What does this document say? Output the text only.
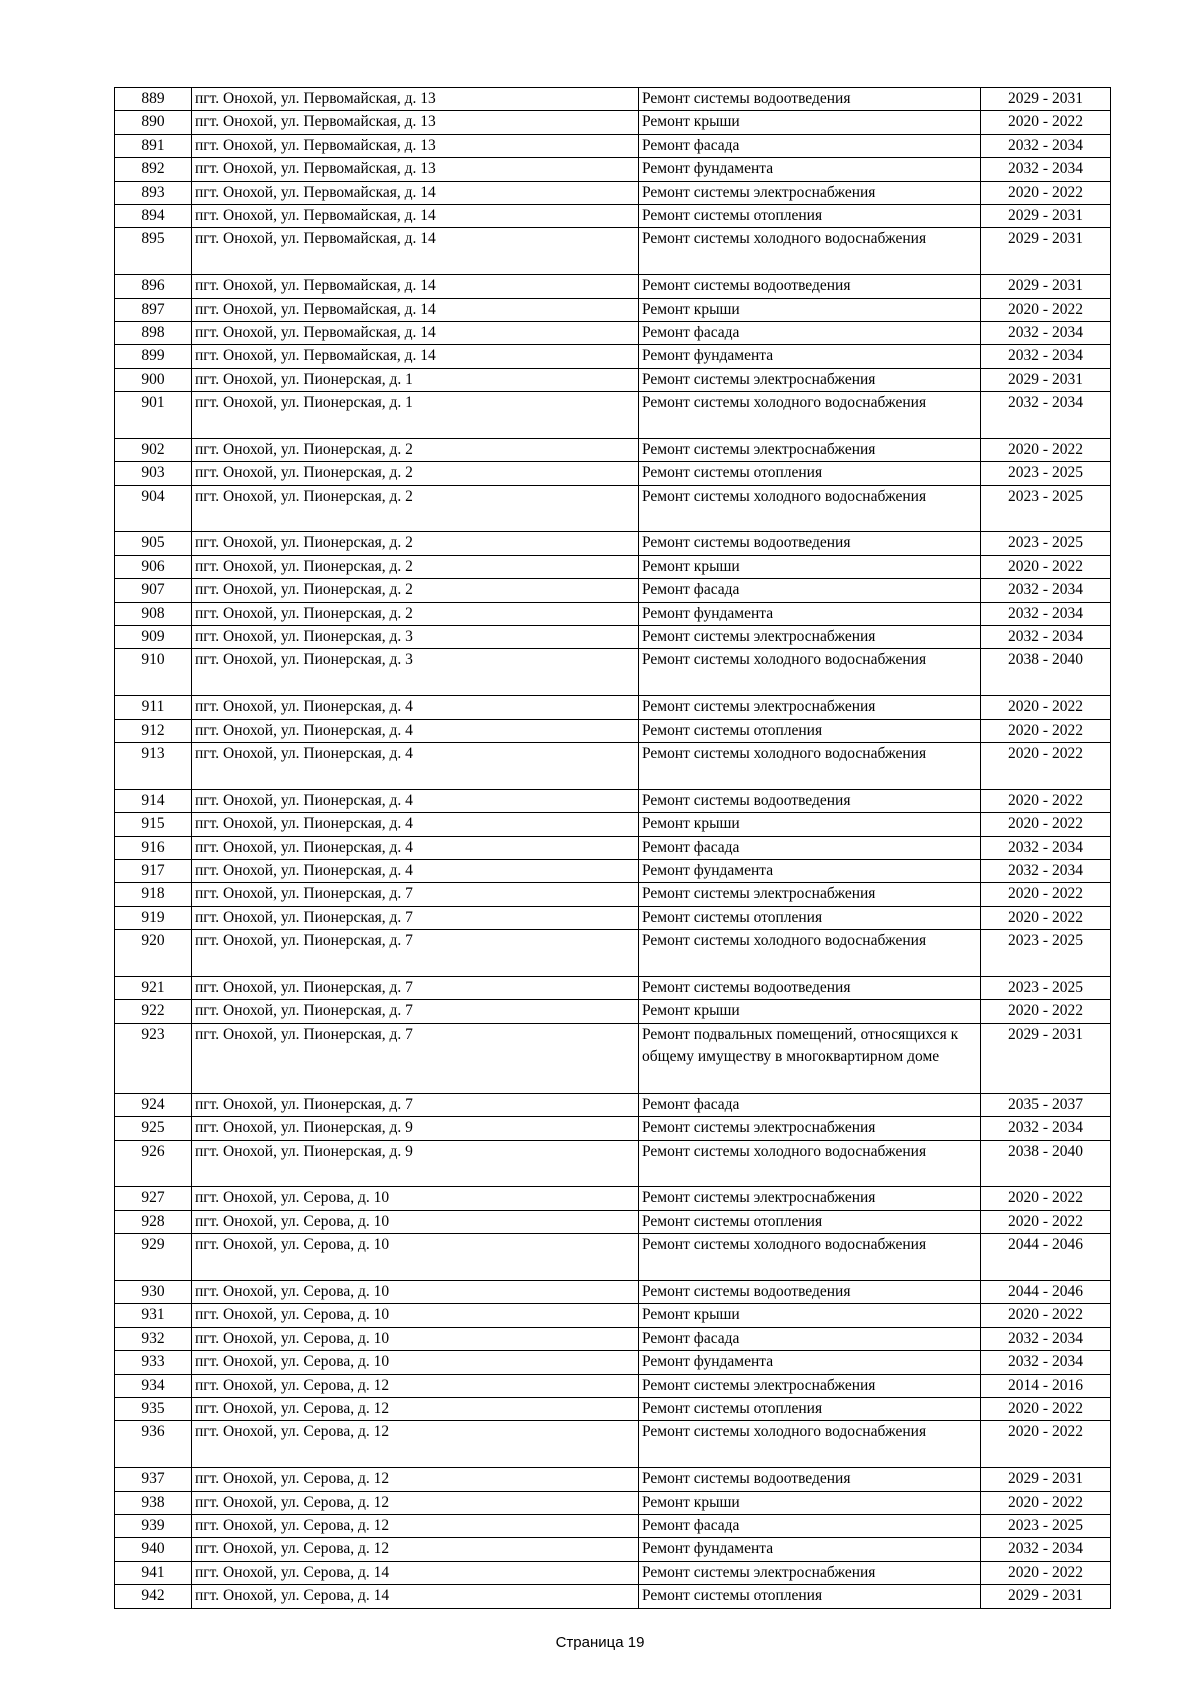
889	пгт. Онохой, ул. Первомайская, д. 13	Ремонт системы водоотведения	2029 - 2031
890	пгт. Онохой, ул. Первомайская, д. 13	Ремонт крыши	2020 - 2022
891	пгт. Онохой, ул. Первомайская, д. 13	Ремонт фасада	2032 - 2034
892	пгт. Онохой, ул. Первомайская, д. 13	Ремонт фундамента	2032 - 2034
893	пгт. Онохой, ул. Первомайская, д. 14	Ремонт системы электроснабжения	2020 - 2022
894	пгт. Онохой, ул. Первомайская, д. 14	Ремонт системы отопления	2029 - 2031
895	пгт. Онохой, ул. Первомайская, д. 14	Ремонт системы холодного водоснабжения	2029 - 2031
896	пгт. Онохой, ул. Первомайская, д. 14	Ремонт системы водоотведения	2029 - 2031
897	пгт. Онохой, ул. Первомайская, д. 14	Ремонт крыши	2020 - 2022
898	пгт. Онохой, ул. Первомайская, д. 14	Ремонт фасада	2032 - 2034
899	пгт. Онохой, ул. Первомайская, д. 14	Ремонт фундамента	2032 - 2034
900	пгт. Онохой, ул. Пионерская, д. 1	Ремонт системы электроснабжения	2029 - 2031
901	пгт. Онохой, ул. Пионерская, д. 1	Ремонт системы холодного водоснабжения	2032 - 2034
902	пгт. Онохой, ул. Пионерская, д. 2	Ремонт системы электроснабжения	2020 - 2022
903	пгт. Онохой, ул. Пионерская, д. 2	Ремонт системы отопления	2023 - 2025
904	пгт. Онохой, ул. Пионерская, д. 2	Ремонт системы холодного водоснабжения	2023 - 2025
905	пгт. Онохой, ул. Пионерская, д. 2	Ремонт системы водоотведения	2023 - 2025
906	пгт. Онохой, ул. Пионерская, д. 2	Ремонт крыши	2020 - 2022
907	пгт. Онохой, ул. Пионерская, д. 2	Ремонт фасада	2032 - 2034
908	пгт. Онохой, ул. Пионерская, д. 2	Ремонт фундамента	2032 - 2034
909	пгт. Онохой, ул. Пионерская, д. 3	Ремонт системы электроснабжения	2032 - 2034
910	пгт. Онохой, ул. Пионерская, д. 3	Ремонт системы холодного водоснабжения	2038 - 2040
911	пгт. Онохой, ул. Пионерская, д. 4	Ремонт системы электроснабжения	2020 - 2022
912	пгт. Онохой, ул. Пионерская, д. 4	Ремонт системы отопления	2020 - 2022
913	пгт. Онохой, ул. Пионерская, д. 4	Ремонт системы холодного водоснабжения	2020 - 2022
914	пгт. Онохой, ул. Пионерская, д. 4	Ремонт системы водоотведения	2020 - 2022
915	пгт. Онохой, ул. Пионерская, д. 4	Ремонт крыши	2020 - 2022
916	пгт. Онохой, ул. Пионерская, д. 4	Ремонт фасада	2032 - 2034
917	пгт. Онохой, ул. Пионерская, д. 4	Ремонт фундамента	2032 - 2034
918	пгт. Онохой, ул. Пионерская, д. 7	Ремонт системы электроснабжения	2020 - 2022
919	пгт. Онохой, ул. Пионерская, д. 7	Ремонт системы отопления	2020 - 2022
920	пгт. Онохой, ул. Пионерская, д. 7	Ремонт системы холодного водоснабжения	2023 - 2025
921	пгт. Онохой, ул. Пионерская, д. 7	Ремонт системы водоотведения	2023 - 2025
922	пгт. Онохой, ул. Пионерская, д. 7	Ремонт крыши	2020 - 2022
923	пгт. Онохой, ул. Пионерская, д. 7	Ремонт подвальных помещений, относящихся к общему имуществу в многоквартирном доме	2029 - 2031
924	пгт. Онохой, ул. Пионерская, д. 7	Ремонт фасада	2035 - 2037
925	пгт. Онохой, ул. Пионерская, д. 9	Ремонт системы электроснабжения	2032 - 2034
926	пгт. Онохой, ул. Пионерская, д. 9	Ремонт системы холодного водоснабжения	2038 - 2040
927	пгт. Онохой, ул. Серова, д. 10	Ремонт системы электроснабжения	2020 - 2022
928	пгт. Онохой, ул. Серова, д. 10	Ремонт системы отопления	2020 - 2022
929	пгт. Онохой, ул. Серова, д. 10	Ремонт системы холодного водоснабжения	2044 - 2046
930	пгт. Онохой, ул. Серова, д. 10	Ремонт системы водоотведения	2044 - 2046
931	пгт. Онохой, ул. Серова, д. 10	Ремонт крыши	2020 - 2022
932	пгт. Онохой, ул. Серова, д. 10	Ремонт фасада	2032 - 2034
933	пгт. Онохой, ул. Серова, д. 10	Ремонт фундамента	2032 - 2034
934	пгт. Онохой, ул. Серова, д. 12	Ремонт системы электроснабжения	2014 - 2016
935	пгт. Онохой, ул. Серова, д. 12	Ремонт системы отопления	2020 - 2022
936	пгт. Онохой, ул. Серова, д. 12	Ремонт системы холодного водоснабжения	2020 - 2022
937	пгт. Онохой, ул. Серова, д. 12	Ремонт системы водоотведения	2029 - 2031
938	пгт. Онохой, ул. Серова, д. 12	Ремонт крыши	2020 - 2022
939	пгт. Онохой, ул. Серова, д. 12	Ремонт фасада	2023 - 2025
940	пгт. Онохой, ул. Серова, д. 12	Ремонт фундамента	2032 - 2034
941	пгт. Онохой, ул. Серова, д. 14	Ремонт системы электроснабжения	2020 - 2022
942	пгт. Онохой, ул. Серова, д. 14	Ремонт системы отопления	2029 - 2031
Страница 19
